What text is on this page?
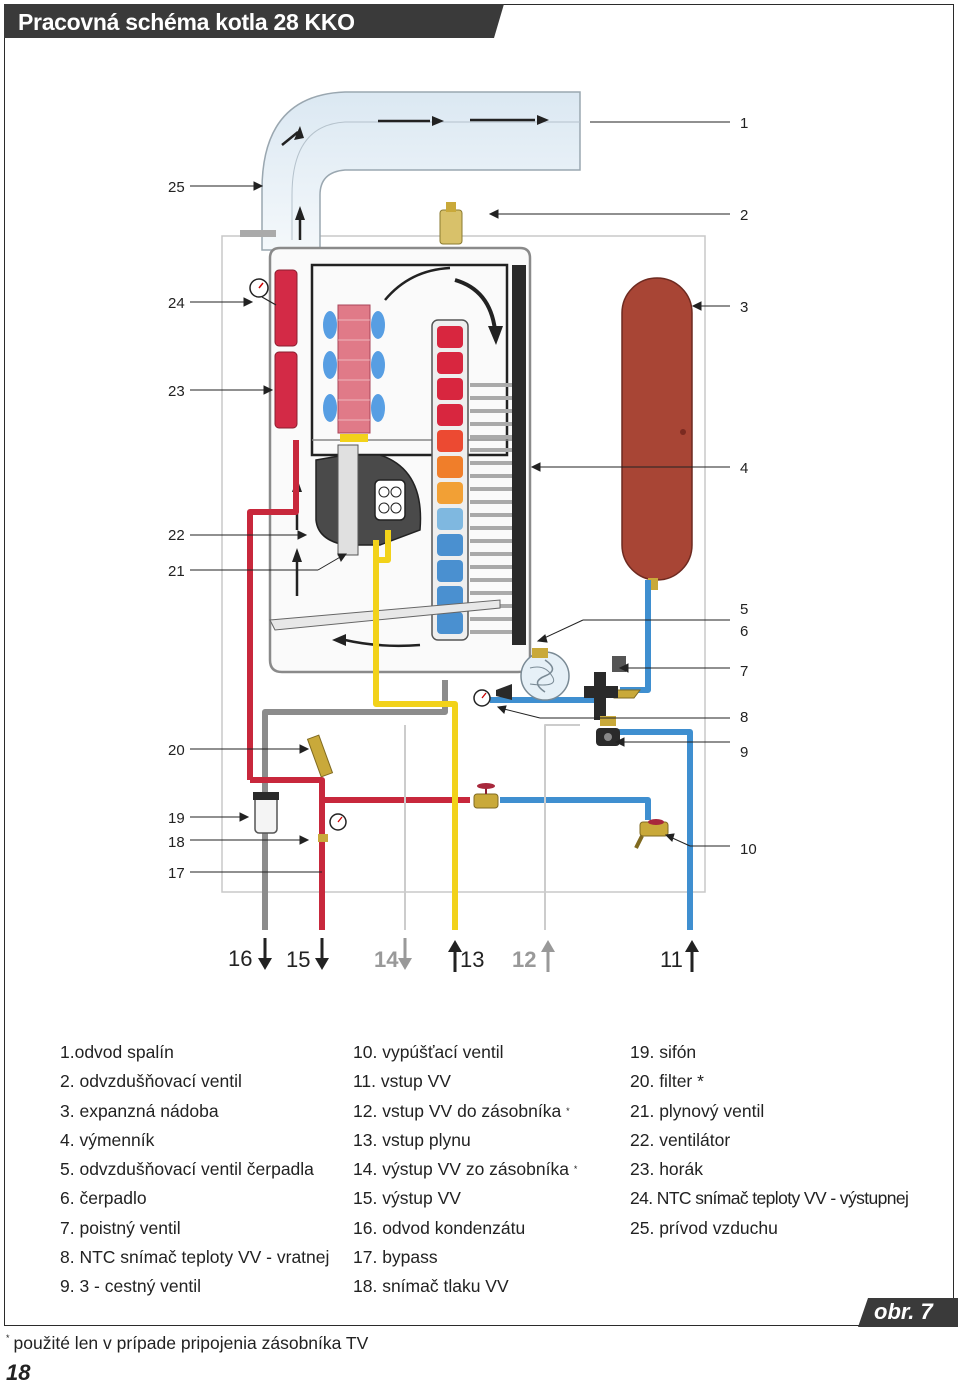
1
2
3
4
5
6
7
8
9
10
25
24
23
22
21
20
19
18
17
16 15	14	13 12	11
Pracovná schéma kotla 28 KKO
1.odvod spalín
2. odvzdušňovací ventil
3. expanzná nádoba
4. výmenník
5. odvzdušňovací ventil čerpadla
6. čerpadlo
7. poistný ventil
8. NTC snímač teploty VV - vratnej
9. 3 - cestný ventil
10. vypúšťací ventil
11. vstup VV
12. vstup VV do zásobníka *
13. vstup plynu
14. výstup VV zo zásobníka *
15. výstup VV
16. odvod kondenzátu
17. bypass
18. snímač tlaku VV
19. sifón
20. filter *
21. plynový ventil
22. ventilátor
23. horák
24. NTC snímač teploty VV - výstupnej
25. prívod vzduchu
* použité len v prípade pripojenia zásobníka TV
18
obr. 7
